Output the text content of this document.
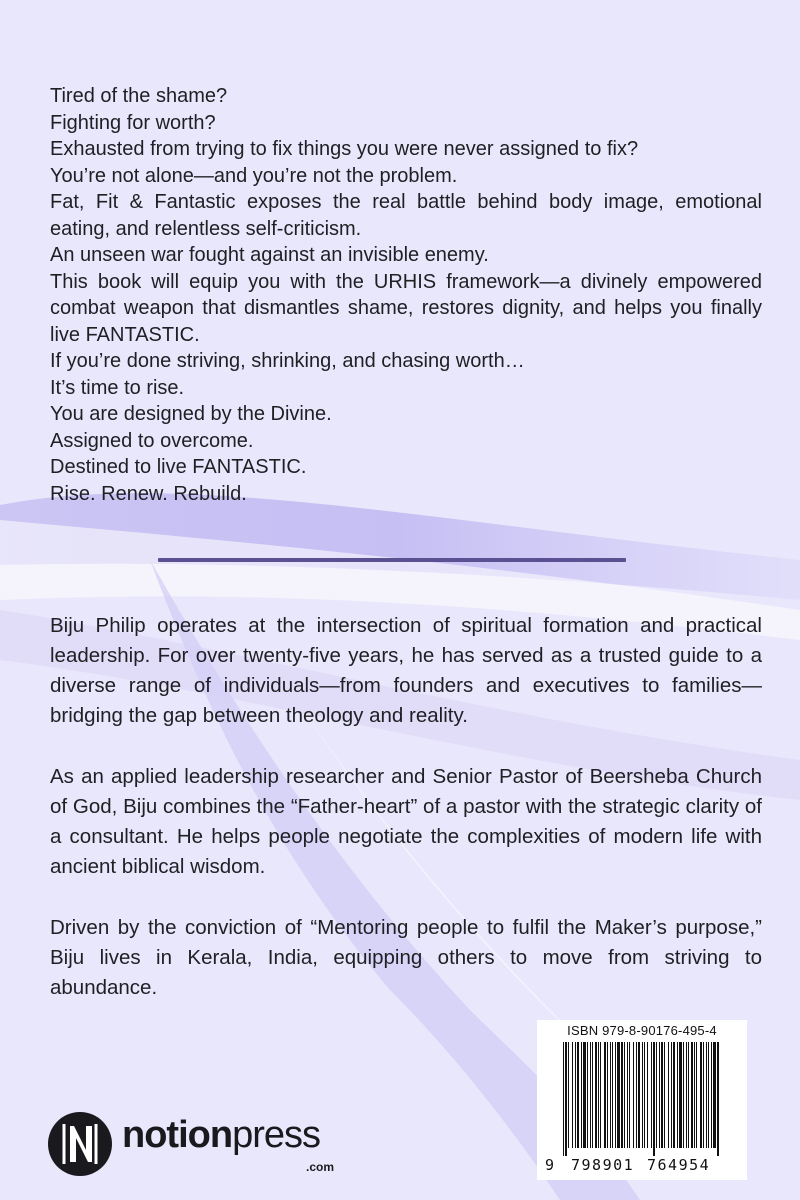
Tired of the shame?

Fighting for worth?

Exhausted from trying to fix things you were never assigned to fix?

You’re not alone—and you’re not the problem.

Fat, Fit & Fantastic exposes the real battle behind body image, emotional eating, and relentless self-criticism.

An unseen war fought against an invisible enemy.

This book will equip you with the URHIS framework—a divinely empowered combat weapon that dismantles shame, restores dignity, and helps you finally live FANTASTIC.

If you’re done striving, shrinking, and chasing worth…

It’s time to rise.

You are designed by the Divine.

Assigned to overcome.

Destined to live FANTASTIC.

Rise. Renew. Rebuild.

Biju Philip operates at the intersection of spiritual formation and practical leadership. For over twenty-five years, he has served as a trusted guide to a diverse range of individuals—from founders and executives to families—bridging the gap between theology and reality.

As an applied leadership researcher and Senior Pastor of Beersheba Church of God, Biju combines the “Father-heart” of a pastor with the strategic clarity of a consultant. He helps people negotiate the complexities of modern life with ancient biblical wisdom.

Driven by the conviction of “Mentoring people to fulfil the Maker’s purpose,” Biju lives in Kerala, India, equipping others to move from striving to abundance.

notionpress
.com
ISBN 979-8-90176-495-4
9 798901 764954
